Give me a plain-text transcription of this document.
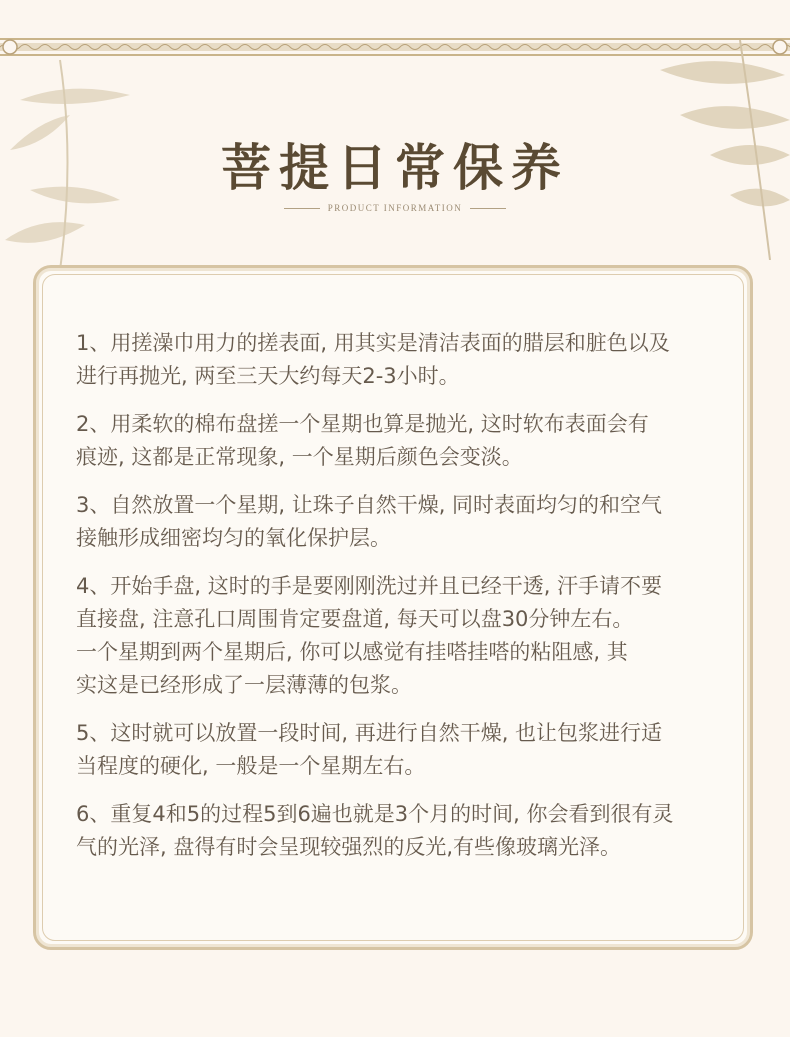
菩提日常保养
PRODUCT INFORMATION

1、用搓澡巾用力的搓表面, 用其实是清洁表面的腊层和脏色以及
进行再抛光, 两至三天大约每天2-3小时。

2、用柔软的棉布盘搓一个星期也算是抛光, 这时软布表面会有
痕迹, 这都是正常现象, 一个星期后颜色会变淡。

3、自然放置一个星期, 让珠子自然干燥, 同时表面均匀的和空气
接触形成细密均匀的氧化保护层。

4、开始手盘, 这时的手是要刚刚洗过并且已经干透, 汗手请不要
直接盘, 注意孔口周围肯定要盘道, 每天可以盘30分钟左右。
一个星期到两个星期后, 你可以感觉有挂嗒挂嗒的粘阻感, 其
实这是已经形成了一层薄薄的包浆。

5、这时就可以放置一段时间, 再进行自然干燥, 也让包浆进行适
当程度的硬化, 一般是一个星期左右。

6、重复4和5的过程5到6遍也就是3个月的时间, 你会看到很有灵
气的光泽, 盘得有时会呈现较强烈的反光,有些像玻璃光泽。
